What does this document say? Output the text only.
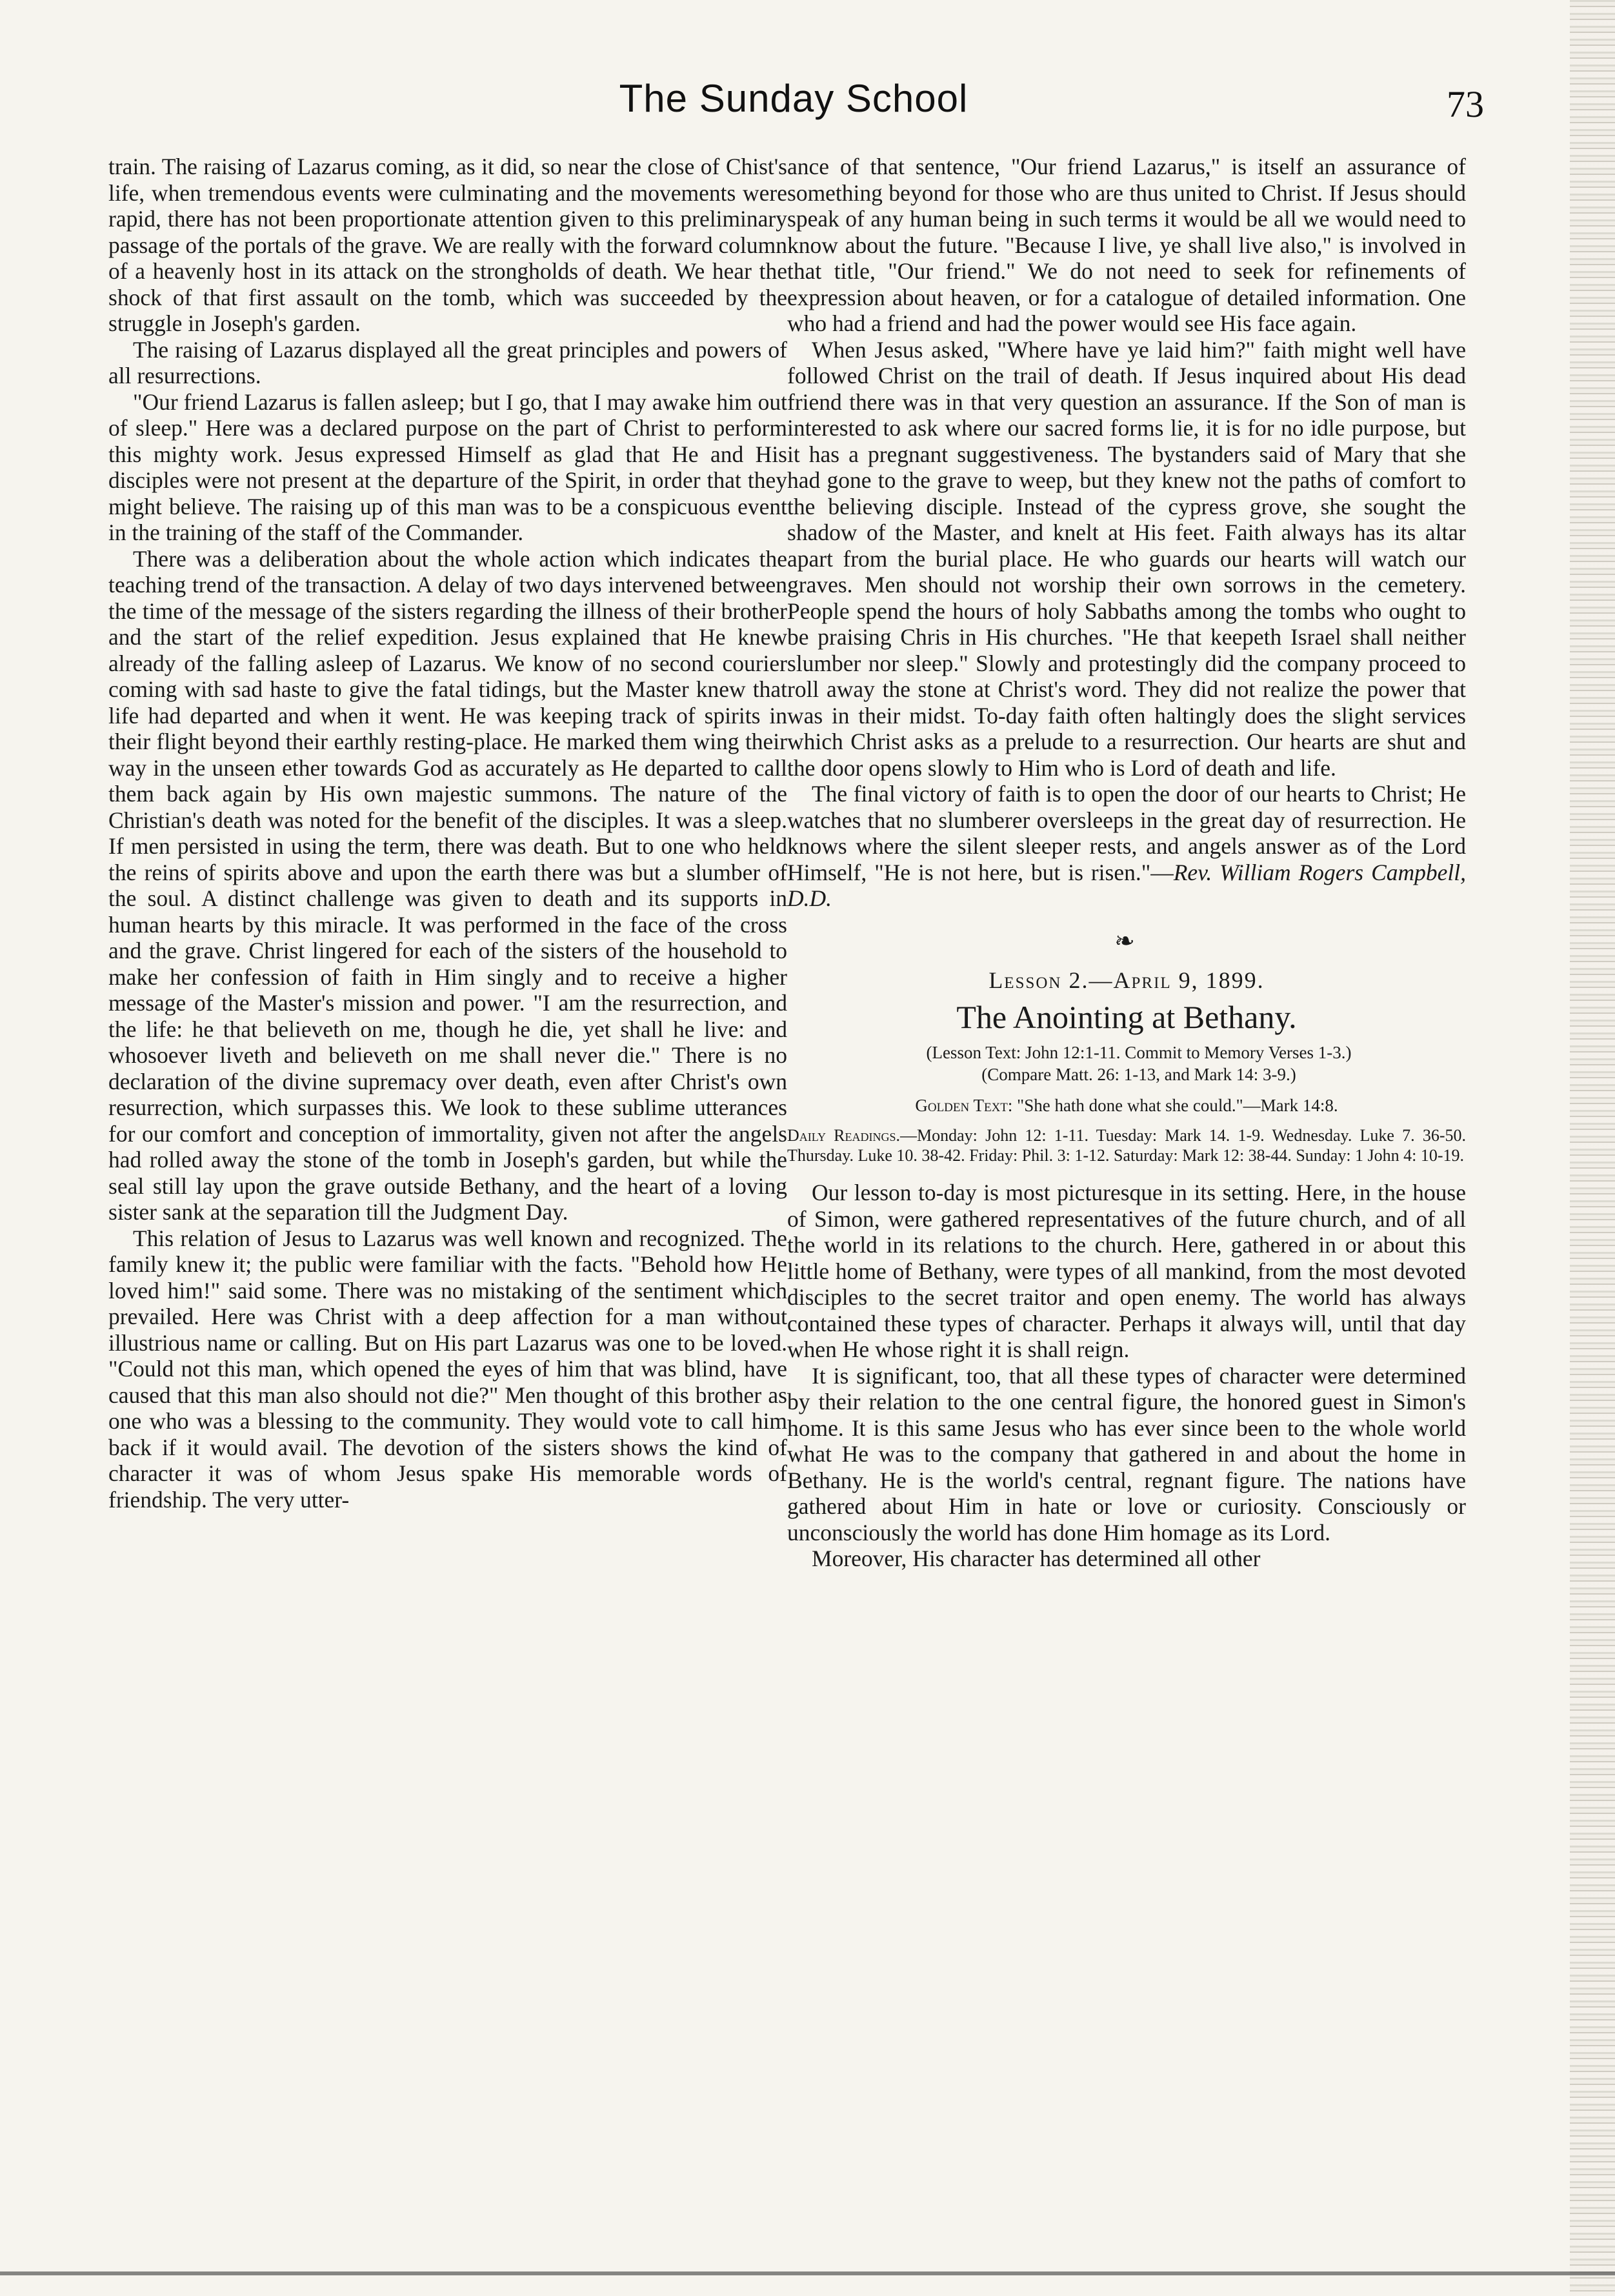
The Sunday School	73

train. The raising of Lazarus coming, as it did, so near the close of Chist's life, when tremendous events were culminating and the movements were rapid, there has not been proportionate attention given to this preliminary passage of the portals of the grave. We are really with the forward column of a heavenly host in its attack on the strongholds of death. We hear the shock of that first assault on the tomb, which was succeeded by the struggle in Joseph's garden.

The raising of Lazarus displayed all the great principles and powers of all resurrections.

"Our friend Lazarus is fallen asleep; but I go, that I may awake him out of sleep." Here was a declared purpose on the part of Christ to perform this mighty work. Jesus expressed Himself as glad that He and His disciples were not present at the departure of the Spirit, in order that they might believe. The raising up of this man was to be a conspicuous event in the training of the staff of the Commander.

There was a deliberation about the whole action which indicates the teaching trend of the transaction. A delay of two days intervened between the time of the message of the sisters regarding the illness of their brother and the start of the relief expedition. Jesus explained that He knew already of the falling asleep of Lazarus. We know of no second courier coming with sad haste to give the fatal tidings, but the Master knew that life had departed and when it went. He was keeping track of spirits in their flight beyond their earthly resting-place. He marked them wing their way in the unseen ether towards God as accurately as He departed to call them back again by His own majestic summons. The nature of the Christian's death was noted for the benefit of the disciples. It was a sleep. If men persisted in using the term, there was death. But to one who held the reins of spirits above and upon the earth there was but a slumber of the soul. A distinct challenge was given to death and its supports in human hearts by this miracle. It was performed in the face of the cross and the grave. Christ lingered for each of the sisters of the household to make her confession of faith in Him singly and to receive a higher message of the Master's mission and power. "I am the resurrection, and the life: he that believeth on me, though he die, yet shall he live: and whosoever liveth and believeth on me shall never die." There is no declaration of the divine supremacy over death, even after Christ's own resurrection, which surpasses this. We look to these sublime utterances for our comfort and conception of immortality, given not after the angels had rolled away the stone of the tomb in Joseph's garden, but while the seal still lay upon the grave outside Bethany, and the heart of a loving sister sank at the separation till the Judgment Day.

This relation of Jesus to Lazarus was well known and recognized. The family knew it; the public were familiar with the facts. "Behold how He loved him!" said some. There was no mistaking of the sentiment which prevailed. Here was Christ with a deep affection for a man without illustrious name or calling. But on His part Lazarus was one to be loved. "Could not this man, which opened the eyes of him that was blind, have caused that this man also should not die?" Men thought of this brother as one who was a blessing to the community. They would vote to call him back if it would avail. The devotion of the sisters shows the kind of character it was of whom Jesus spake His memorable words of friendship. The very utter-

ance of that sentence, "Our friend Lazarus," is itself an assurance of something beyond for those who are thus united to Christ. If Jesus should speak of any human being in such terms it would be all we would need to know about the future. "Because I live, ye shall live also," is involved in that title, "Our friend." We do not need to seek for refinements of expression about heaven, or for a catalogue of detailed information. One who had a friend and had the power would see His face again.

When Jesus asked, "Where have ye laid him?" faith might well have followed Christ on the trail of death. If Jesus inquired about His dead friend there was in that very question an assurance. If the Son of man is interested to ask where our sacred forms lie, it is for no idle purpose, but it has a pregnant suggestiveness. The bystanders said of Mary that she had gone to the grave to weep, but they knew not the paths of comfort to the believing disciple. Instead of the cypress grove, she sought the shadow of the Master, and knelt at His feet. Faith always has its altar apart from the burial place. He who guards our hearts will watch our graves. Men should not worship their own sorrows in the cemetery. People spend the hours of holy Sabbaths among the tombs who ought to be praising Chris in His churches. "He that keepeth Israel shall neither slumber nor sleep." Slowly and protestingly did the company proceed to roll away the stone at Christ's word. They did not realize the power that was in their midst. To-day faith often haltingly does the slight services which Christ asks as a prelude to a resurrection. Our hearts are shut and the door opens slowly to Him who is Lord of death and life.

The final victory of faith is to open the door of our hearts to Christ; He watches that no slumberer oversleeps in the great day of resurrection. He knows where the silent sleeper rests, and angels answer as of the Lord Himself, "He is not here, but is risen."—Rev. William Rogers Campbell, D.D.

❧
Lesson 2.—April 9, 1899.
The Anointing at Bethany.

(Lesson Text: John 12:1-11. Commit to Memory Verses 1-3.)

(Compare Matt. 26: 1-13, and Mark 14: 3-9.)

Golden Text: "She hath done what she could."—Mark 14:8.
Daily Readings.—Monday: John 12: 1-11. Tuesday: Mark 14. 1-9. Wednesday. Luke 7. 36-50. Thursday. Luke 10. 38-42. Friday: Phil. 3: 1-12. Saturday: Mark 12: 38-44. Sunday: 1 John 4: 10-19.

Our lesson to-day is most picturesque in its setting. Here, in the house of Simon, were gathered representatives of the future church, and of all the world in its relations to the church. Here, gathered in or about this little home of Bethany, were types of all mankind, from the most devoted disciples to the secret traitor and open enemy. The world has always contained these types of character. Perhaps it always will, until that day when He whose right it is shall reign.

It is significant, too, that all these types of character were determined by their relation to the one central figure, the honored guest in Simon's home. It is this same Jesus who has ever since been to the whole world what He was to the company that gathered in and about the home in Bethany. He is the world's central, regnant figure. The nations have gathered about Him in hate or love or curiosity. Consciously or unconsciously the world has done Him homage as its Lord.

Moreover, His character has determined all other
